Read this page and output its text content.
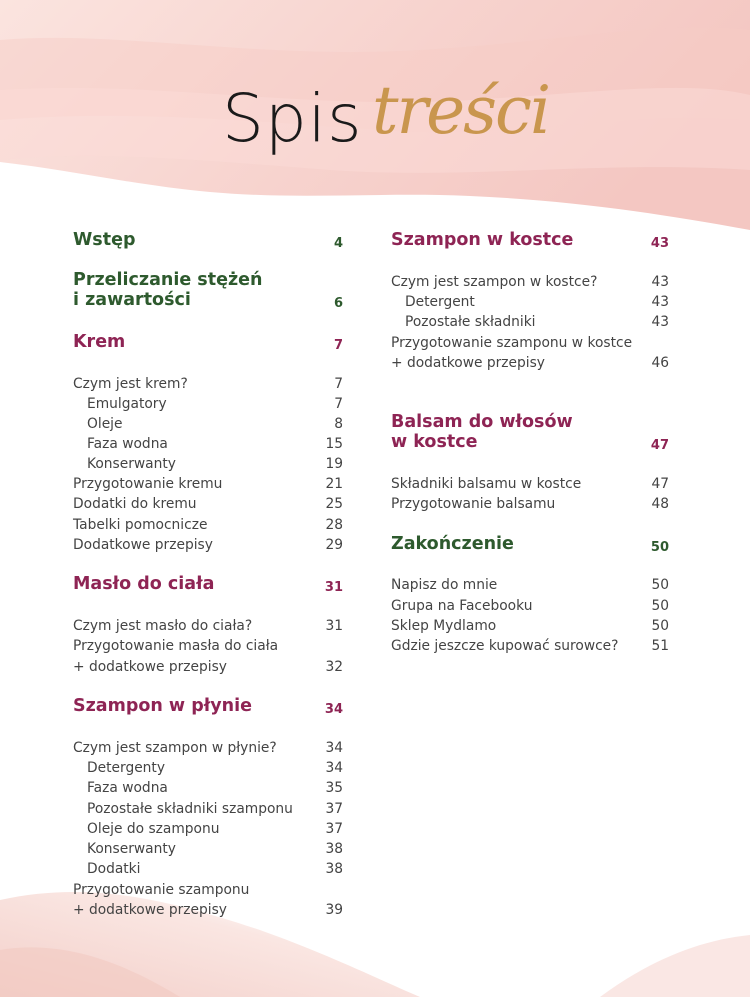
Spis treści
Wstęp	4
Przeliczanie stężeń
i zawartości	6
Krem	7
Czym jest krem?	7
Emulgatory	7
Oleje	8
Faza wodna	15
Konserwanty	19
Przygotowanie kremu	21
Dodatki do kremu	25
Tabelki pomocnicze	28
Dodatkowe przepisy	29
Masło do ciała	31
Czym jest masło do ciała?	31
Przygotowanie masła do ciała
+ dodatkowe przepisy	32
Szampon w płynie	34
Czym jest szampon w płynie?	34
Detergenty	34
Faza wodna	35
Pozostałe składniki szamponu 37
Oleje do szamponu	37
Konserwanty	38
Dodatki	38
Przygotowanie szamponu
+ dodatkowe przepisy	39
Szampon w kostce	43
Czym jest szampon w kostce?	43
Detergent	43
Pozostałe składniki	43
Przygotowanie szamponu w kostce
+ dodatkowe przepisy	46
Balsam do włosów
w kostce	47
Składniki balsamu w kostce	47
Przygotowanie balsamu	48
Zakończenie	50
Napisz do mnie	50
Grupa na Facebooku	50
Sklep Mydlamo	50
Gdzie jeszcze kupować surowce? 51
